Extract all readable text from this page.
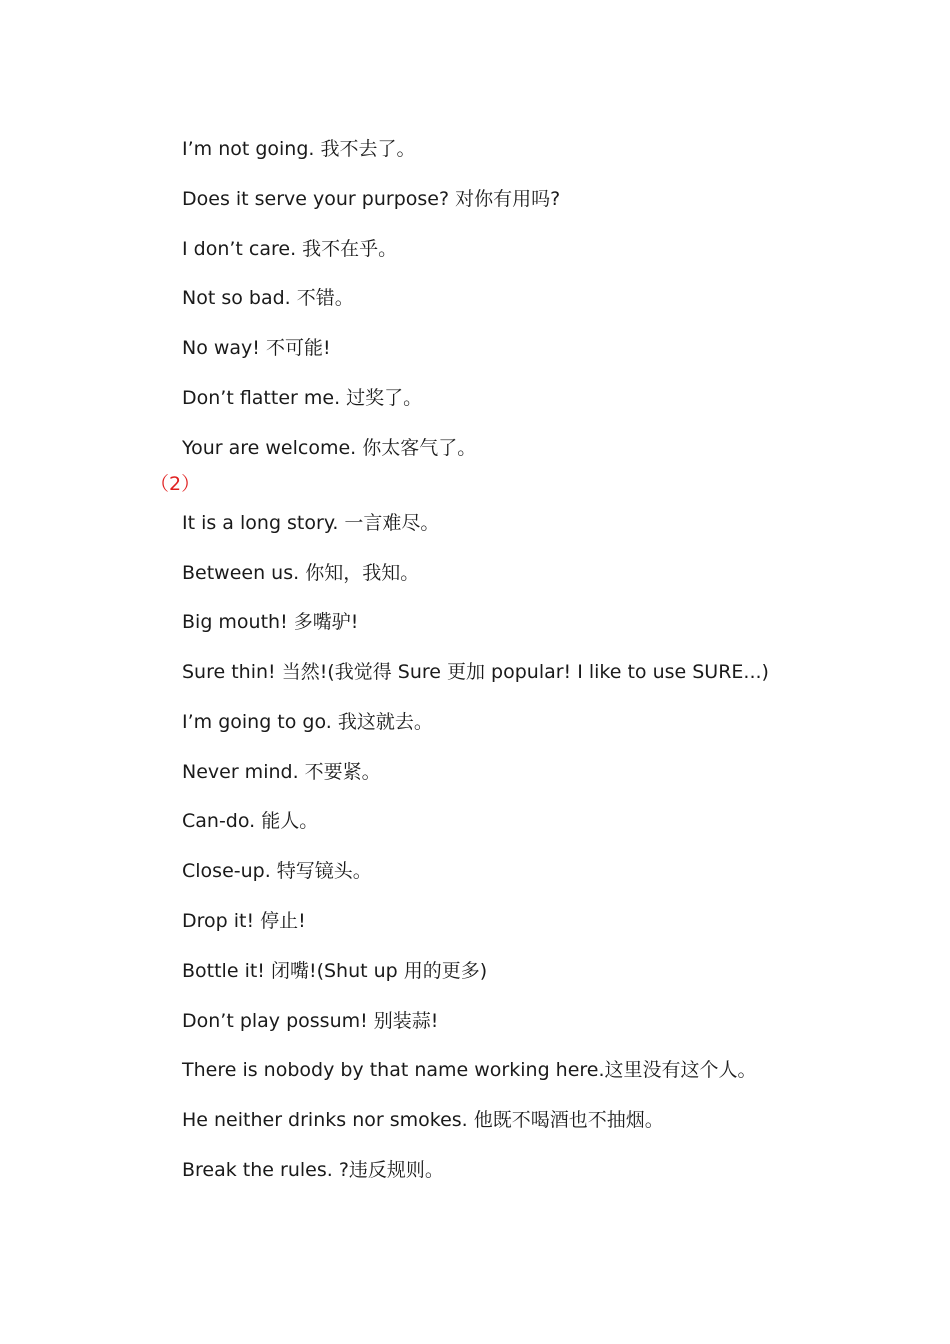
I’m not going. 我不去了。
Does it serve your purpose? 对你有用吗?
I don’t care. 我不在乎。
Not so bad. 不错。
No way! 不可能!
Don’t flatter me. 过奖了。
Your are welcome. 你太客气了。
（2）
It is a long story. 一言难尽。
Between us. 你知，我知。
Big mouth! 多嘴驴!
Sure thin! 当然!(我觉得 Sure 更加 popular! I like to use SURE...)
I’m going to go. 我这就去。
Never mind. 不要紧。
Can-do. 能人。
Close-up. 特写镜头。
Drop it! 停止!
Bottle it! 闭嘴!(Shut up 用的更多)
Don’t play possum! 别装蒜!
There is nobody by that name working here.这里没有这个人。
He neither drinks nor smokes. 他既不喝酒也不抽烟。
Break the rules. ?违反规则。
